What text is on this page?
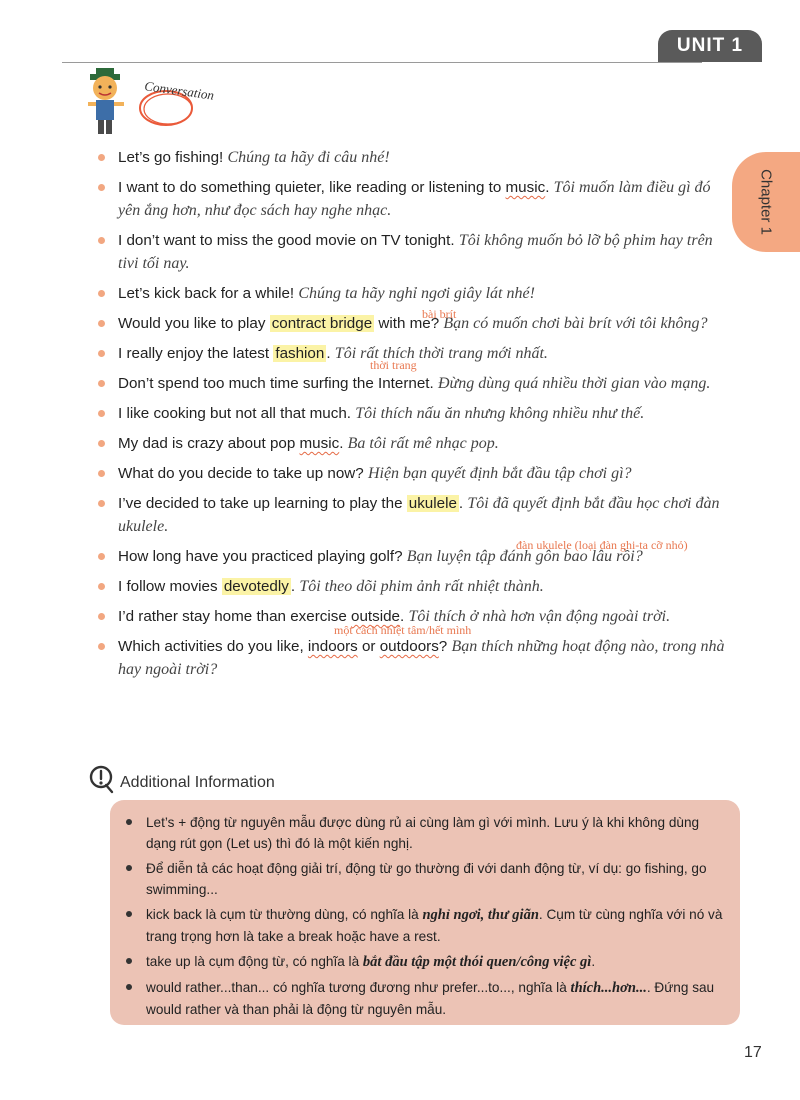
UNIT 1
Chapter 1
Conversation
Let’s go fishing! Chúng ta hãy đi câu nhé!
I want to do something quieter, like reading or listening to music. Tôi muốn làm điều gì đó yên ắng hơn, như đọc sách hay nghe nhạc.
I don’t want to miss the good movie on TV tonight. Tôi không muốn bỏ lỡ bộ phim hay trên tivi tối nay.
Let’s kick back for a while! Chúng ta hãy nghỉ ngơi giây lát nhé!
Would you like to play contract bridge with me? Bạn có muốn chơi bài brít với tôi không?
I really enjoy the latest fashion . Tôi rất thích thời trang mới nhất.
Don’t spend too much time surfing the Internet. Đừng dùng quá nhiều thời gian vào mạng.
I like cooking but not all that much. Tôi thích nấu ăn nhưng không nhiều như thế.
My dad is crazy about pop music. Ba tôi rất mê nhạc pop.
What do you decide to take up now? Hiện bạn quyết định bắt đầu tập chơi gì?
I’ve decided to take up learning to play the ukulele . Tôi đã quyết định bắt đầu học chơi đàn ukulele.
How long have you practiced playing golf? Bạn luyện tập đánh gôn bao lâu rồi?
I follow movies devotedly . Tôi theo dõi phim ảnh rất nhiệt thành.
I’d rather stay home than exercise outside. Tôi thích ở nhà hơn vận động ngoài trời.
Which activities do you like, indoors or outdoors? Bạn thích những hoạt động nào, trong nhà hay ngoài trời?
bài brít
thời trang
đàn ukulele (loại đàn ghi-ta cỡ nhỏ)
một cách nhiệt tâm/hết mình
Additional Information
Let’s + động từ nguyên mẫu được dùng rủ ai cùng làm gì với mình. Lưu ý là khi không dùng dạng rút gọn (Let us) thì đó là một kiến nghị.
Để diễn tả các hoạt động giải trí, động từ go thường đi với danh động từ, ví dụ: go fishing, go swimming...
kick back là cụm từ thường dùng, có nghĩa là nghỉ ngơi, thư giãn. Cụm từ cùng nghĩa với nó và trang trọng hơn là take a break hoặc have a rest.
take up là cụm động từ, có nghĩa là bắt đầu tập một thói quen/công việc gì.
would rather...than... có nghĩa tương đương như prefer...to..., nghĩa là thích...hơn.... Đứng sau would rather và than phải là động từ nguyên mẫu.
17
